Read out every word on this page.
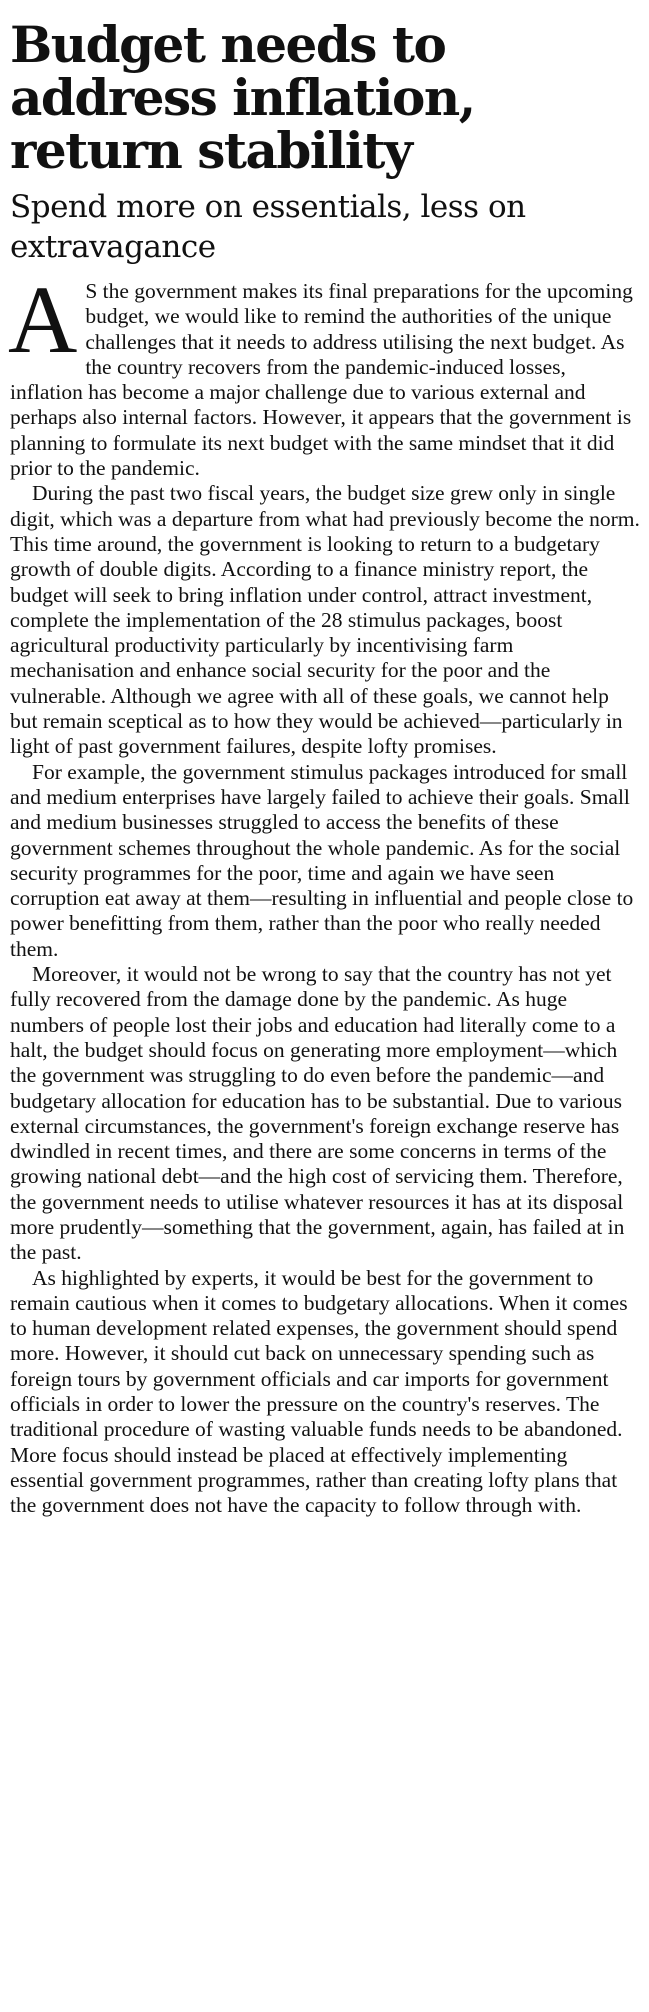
Budget needs to address inflation, return stability
Spend more on essentials, less on extravagance

A S the government makes its final preparations for the upcoming budget, we would like to remind the authorities of the unique challenges that it needs to address utilising the next budget. As the country recovers from the pandemic-induced losses, inflation has become a major challenge due to various external and perhaps also internal factors. However, it appears that the government is planning to formulate its next budget with the same mindset that it did prior to the pandemic.

During the past two fiscal years, the budget size grew only in single digit, which was a departure from what had previously become the norm. This time around, the government is looking to return to a budgetary growth of double digits. According to a finance ministry report, the budget will seek to bring inflation under control, attract investment, complete the implementation of the 28 stimulus packages, boost agricultural productivity particularly by incentivising farm mechanisation and enhance social security for the poor and the vulnerable. Although we agree with all of these goals, we cannot help but remain sceptical as to how they would be achieved—particularly in light of past government failures, despite lofty promises.

For example, the government stimulus packages introduced for small and medium enterprises have largely failed to achieve their goals. Small and medium businesses struggled to access the benefits of these government schemes throughout the whole pandemic. As for the social security programmes for the poor, time and again we have seen corruption eat away at them—resulting in influential and people close to power benefitting from them, rather than the poor who really needed them.

Moreover, it would not be wrong to say that the country has not yet fully recovered from the damage done by the pandemic. As huge numbers of people lost their jobs and education had literally come to a halt, the budget should focus on generating more employment—which the government was struggling to do even before the pandemic—and budgetary allocation for education has to be substantial. Due to various external circumstances, the government's foreign exchange reserve has dwindled in recent times, and there are some concerns in terms of the growing national debt—and the high cost of servicing them. Therefore, the government needs to utilise whatever resources it has at its disposal more prudently—something that the government, again, has failed at in the past.

As highlighted by experts, it would be best for the government to remain cautious when it comes to budgetary allocations. When it comes to human development related expenses, the government should spend more. However, it should cut back on unnecessary spending such as foreign tours by government officials and car imports for government officials in order to lower the pressure on the country's reserves. The traditional procedure of wasting valuable funds needs to be abandoned. More focus should instead be placed at effectively implementing essential government programmes, rather than creating lofty plans that the government does not have the capacity to follow through with.
